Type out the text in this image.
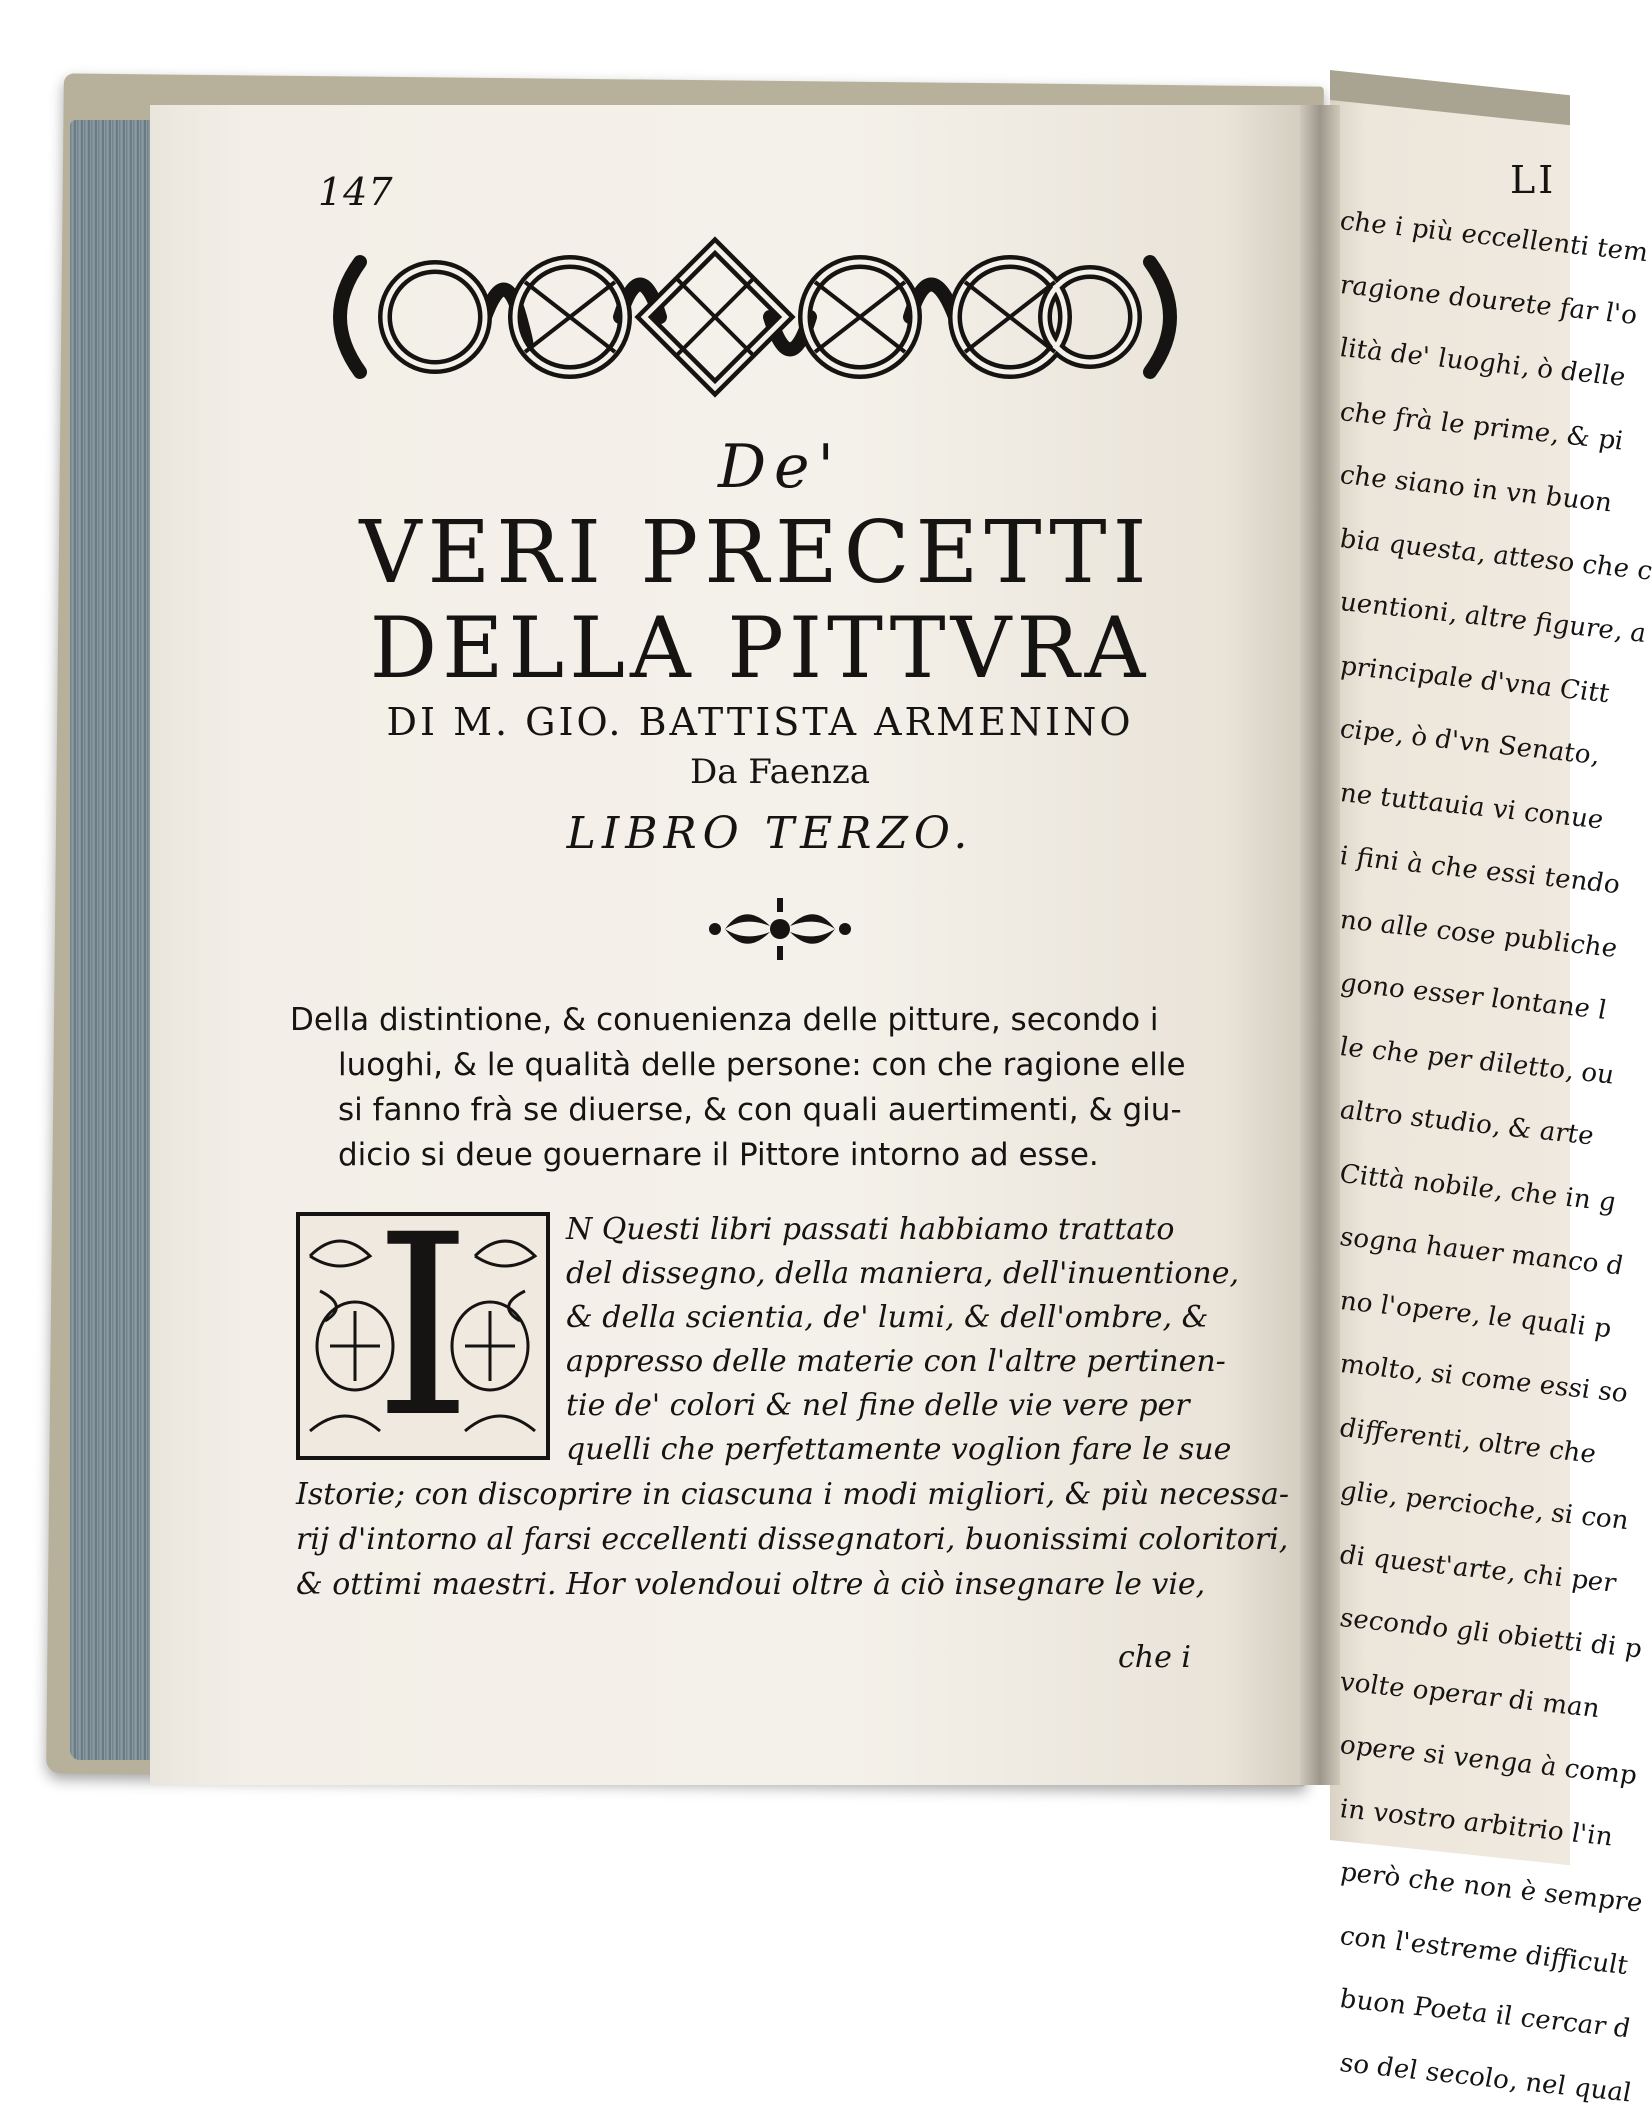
147
De'
VERI PRECETTI
DELLA PITTVRA
DI M. GIO. BATTISTA ARMENINO
Da Faenza
LIBRO TERZO.
Della distintione, & conuenienza delle pitture, secondo i
luoghi, & le qualità delle persone: con che ragione elle
si fanno frà se diuerse, & con quali auertimenti, & giu-
dicio si deue gouernare il Pittore intorno ad esse.
I	N Questi libri passati habbiamo trattato
del dissegno, della maniera, dell'inuentione,
& della scientia, de' lumi, & dell'ombre, &
appresso delle materie con l'altre pertinen-
tie de' colori & nel fine delle vie vere per
quelli che perfettamente voglion fare le sue
Istorie; con discoprire in ciascuna i modi migliori, & più necessa-
rij d'intorno al farsi eccellenti dissegnatori, buonissimi coloritori,
& ottimi maestri. Hor volendoui oltre à ciò insegnare le vie,
che i
LI
che i più eccellenti tem
ragione dourete far l'o
lità de' luoghi, ò delle
che frà le prime, & pi
che siano in vn buon
bia questa, atteso che c
uentioni, altre figure, a
principale d'vna Citt
cipe, ò d'vn Senato,
ne tuttauia vi conue
i fini à che essi tendo
no alle cose publiche
gono esser lontane l
le che per diletto, ou
altro studio, & arte
Città nobile, che in g
sogna hauer manco d
no l'opere, le quali p
molto, si come essi so
differenti, oltre che
glie, percioche, si con
di quest'arte, chi per
secondo gli obietti di p
volte operar di man
opere si venga à comp
in vostro arbitrio l'in
però che non è sempre
con l'estreme difficult
buon Poeta il cercar d
so del secolo, nel qual
